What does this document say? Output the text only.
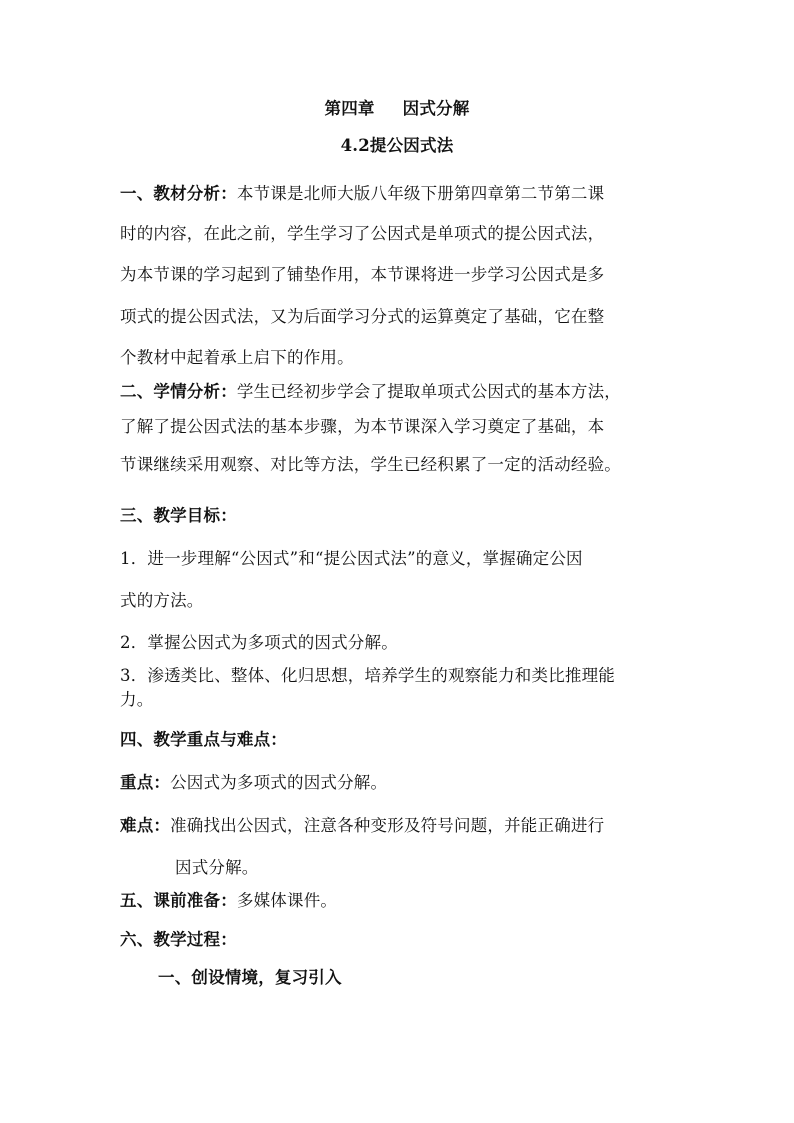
第四章 因式分解
4.2提公因式法
一、教材分析：本节课是北师大版八年级下册第四章第二节第二课
时的内容，在此之前，学生学习了公因式是单项式的提公因式法，
为本节课的学习起到了铺垫作用，本节课将进一步学习公因式是多
项式的提公因式法，又为后面学习分式的运算奠定了基础，它在整
个教材中起着承上启下的作用。
二、学情分析：学生已经初步学会了提取单项式公因式的基本方法，
了解了提公因式法的基本步骤，为本节课深入学习奠定了基础，本
节课继续采用观察、对比等方法，学生已经积累了一定的活动经验。
三、教学目标：
1．进一步理解“公因式”和“提公因式法”的意义，掌握确定公因
式的方法。
2．掌握公因式为多项式的因式分解。
3．渗透类比、整体、化归思想，培养学生的观察能力和类比推理能
力。
四、教学重点与难点：
重点：公因式为多项式的因式分解。
难点：准确找出公因式，注意各种变形及符号问题，并能正确进行
因式分解。
五、课前准备：多媒体课件。
六、教学过程：
一、创设情境，复习引入
